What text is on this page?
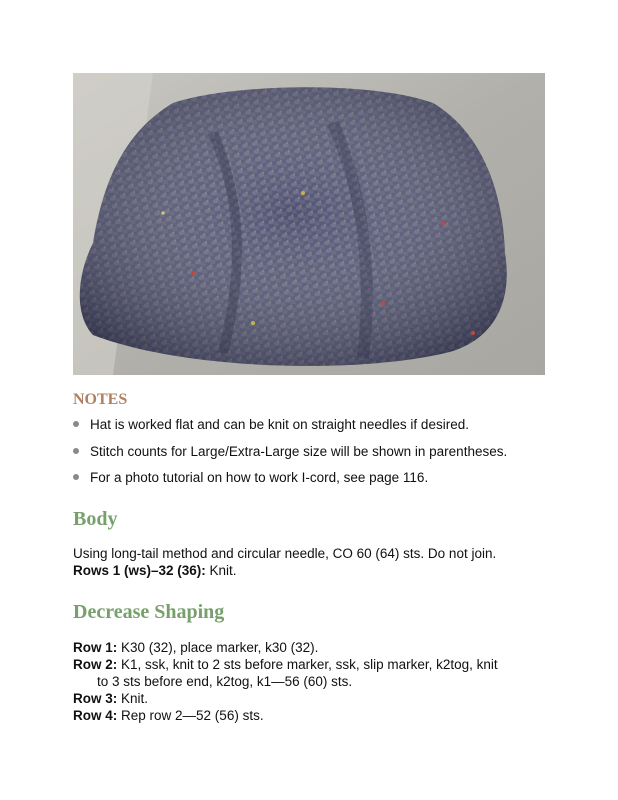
NOTES
Hat is worked flat and can be knit on straight needles if desired.
Stitch counts for Large/Extra-Large size will be shown in parentheses.
For a photo tutorial on how to work I-cord, see page 116.
Body

Using long-tail method and circular needle, CO 60 (64) sts. Do not join.

Rows 1 (ws)–32 (36): Knit.

Decrease Shaping

Row 1: K30 (32), place marker, k30 (32).

Row 2: K1, ssk, knit to 2 sts before marker, ssk, slip marker, k2tog, knit

to 3 sts before end, k2tog, k1—56 (60) sts.

Row 3: Knit.

Row 4: Rep row 2—52 (56) sts.
